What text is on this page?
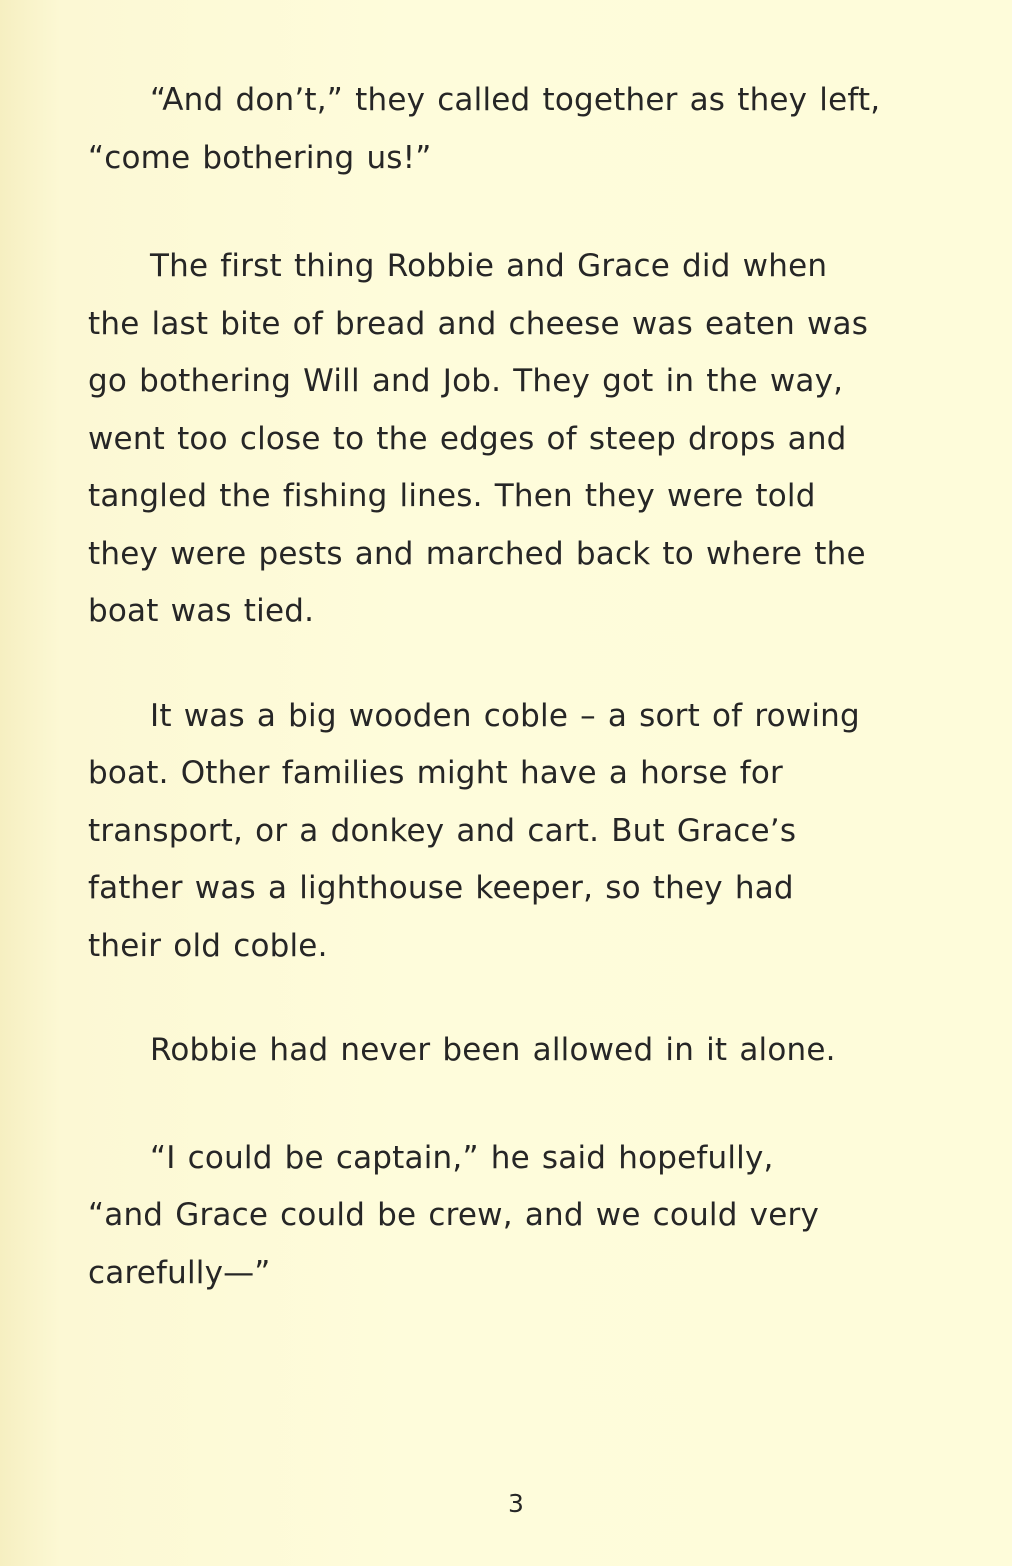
“And don’t,” they called together as they left,
“come bothering us!”

The first thing Robbie and Grace did when
the last bite of bread and cheese was eaten was
go bothering Will and Job. They got in the way,
went too close to the edges of steep drops and
tangled the fishing lines. Then they were told
they were pests and marched back to where the
boat was tied.

It was a big wooden coble – a sort of rowing
boat. Other families might have a horse for
transport, or a donkey and cart. But Grace’s
father was a lighthouse keeper, so they had
their old coble.

Robbie had never been allowed in it alone.

“I could be captain,” he said hopefully,
“and Grace could be crew, and we could very
carefully—”

3
